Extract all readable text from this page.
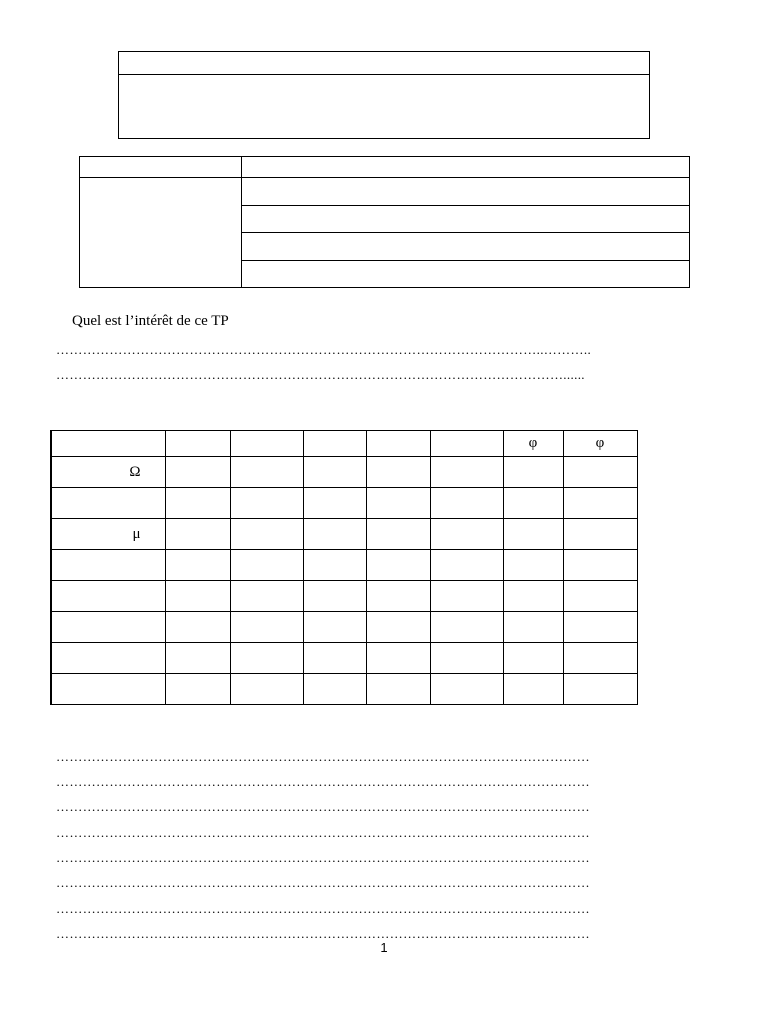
Quel est l’intérêt de ce TP
………………………………………………………………………………………………..………..
……………………………………………………………………………………………………......
						φ	φ
Ω							

μ							

…………………………………………………………………………………………………………
…………………………………………………………………………………………………………
…………………………………………………………………………………………………………
…………………………………………………………………………………………………………
…………………………………………………………………………………………………………
…………………………………………………………………………………………………………
…………………………………………………………………………………………………………
…………………………………………………………………………………………………………
1
